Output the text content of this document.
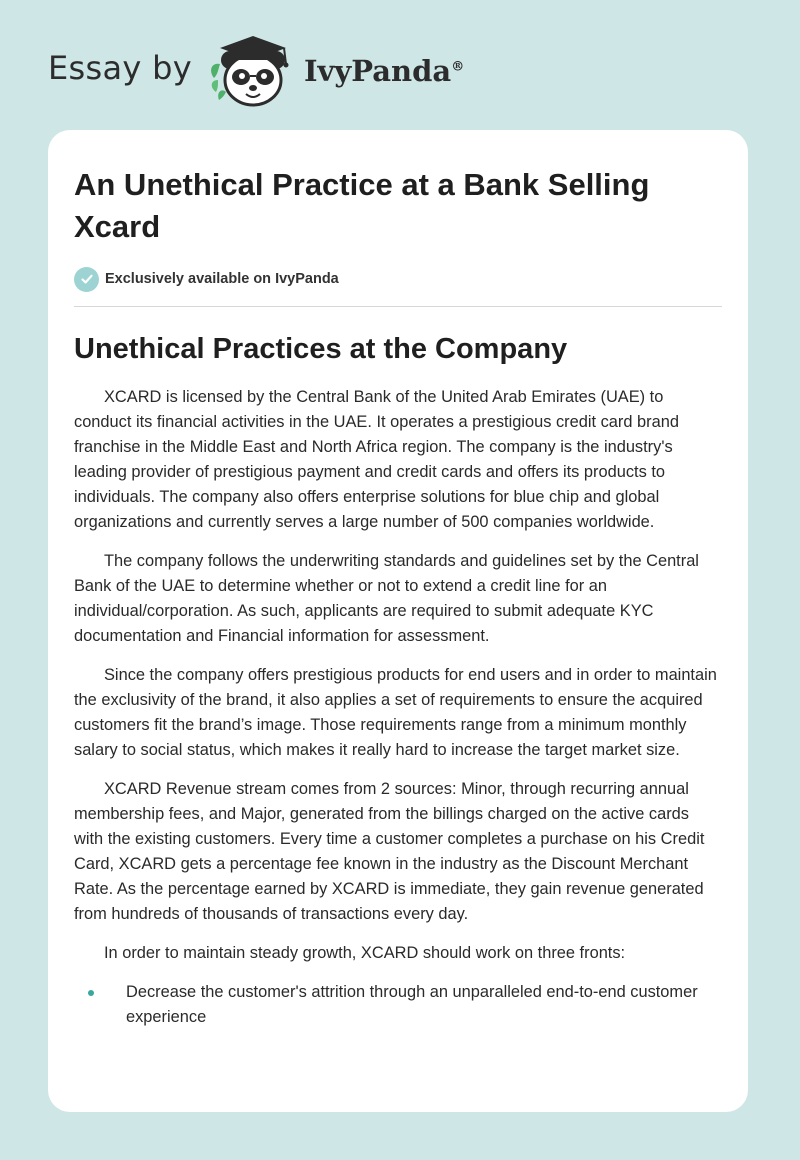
Essay by	IvyPanda®
An Unethical Practice at a Bank Selling Xcard
Exclusively available on IvyPanda
Unethical Practices at the Company

XCARD is licensed by the Central Bank of the United Arab Emirates (UAE) to conduct its financial activities in the UAE. It operates a prestigious credit card brand franchise in the Middle East and North Africa region. The company is the industry's leading provider of prestigious payment and credit cards and offers its products to individuals. The company also offers enterprise solutions for blue chip and global organizations and currently serves a large number of 500 companies worldwide.

The company follows the underwriting standards and guidelines set by the Central Bank of the UAE to determine whether or not to extend a credit line for an individual/corporation. As such, applicants are required to submit adequate KYC documentation and Financial information for assessment.

Since the company offers prestigious products for end users and in order to maintain the exclusivity of the brand, it also applies a set of requirements to ensure the acquired customers fit the brand’s image. Those requirements range from a minimum monthly salary to social status, which makes it really hard to increase the target market size.

XCARD Revenue stream comes from 2 sources: Minor, through recurring annual membership fees, and Major, generated from the billings charged on the active cards with the existing customers. Every time a customer completes a purchase on his Credit Card, XCARD gets a percentage fee known in the industry as the Discount Merchant Rate. As the percentage earned by XCARD is immediate, they gain revenue generated from hundreds of thousands of transactions every day.

In order to maintain steady growth, XCARD should work on three fronts:

Decrease the customer's attrition through an unparalleled end-to-end customer experience
